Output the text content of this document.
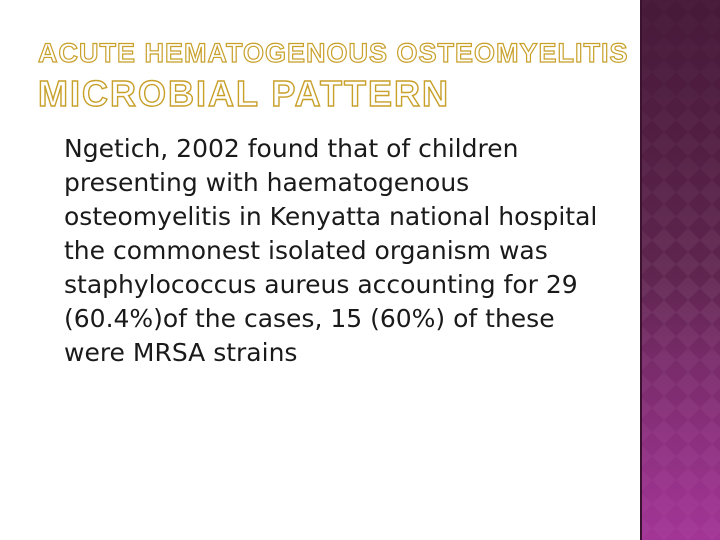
ACUTE HEMATOGENOUS OSTEOMYELITIS
MICROBIAL PATTERN

Ngetich, 2002 found that of children presenting with haematogenous osteomyelitis in Kenyatta national hospital the commonest isolated organism was staphylococcus aureus accounting for 29 (60.4%)of the cases, 15 (60%) of these were MRSA strains
